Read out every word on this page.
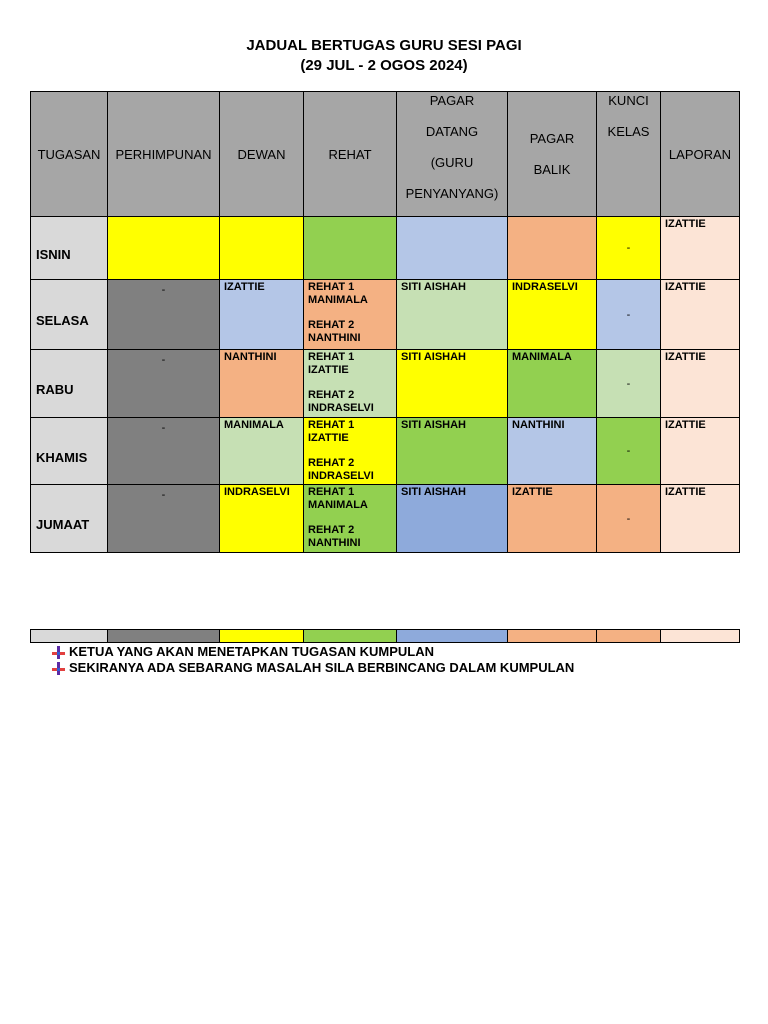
JADUAL BERTUGAS GURU SESI PAGI
(29 JUL - 2 OGOS 2024)
TUGASAN	PERHIMPUNAN	DEWAN	REHAT	PAGAR
DATANG
(GURU
PENYANYANG)	PAGAR
BALIK	KUNCI
KELAS	LAPORAN

ISNIN						-	IZATTIE

SELASA	-	IZATTIE	REHAT 1
MANIMALA
REHAT 2
NANTHINI	SITI AISHAH	INDRASELVI	-	IZATTIE

RABU	-	NANTHINI	REHAT 1
IZATTIE
REHAT 2
INDRASELVI	SITI AISHAH	MANIMALA	-	IZATTIE

KHAMIS	-	MANIMALA	REHAT 1
IZATTIE
REHAT 2
INDRASELVI	SITI AISHAH	NANTHINI	-	IZATTIE

JUMAAT	-	INDRASELVI	REHAT 1
MANIMALA
REHAT 2
NANTHINI	SITI AISHAH	IZATTIE	-	IZATTIE

KETUA YANG AKAN MENETAPKAN TUGASAN KUMPULAN
SEKIRANYA ADA SEBARANG MASALAH SILA BERBINCANG DALAM KUMPULAN
